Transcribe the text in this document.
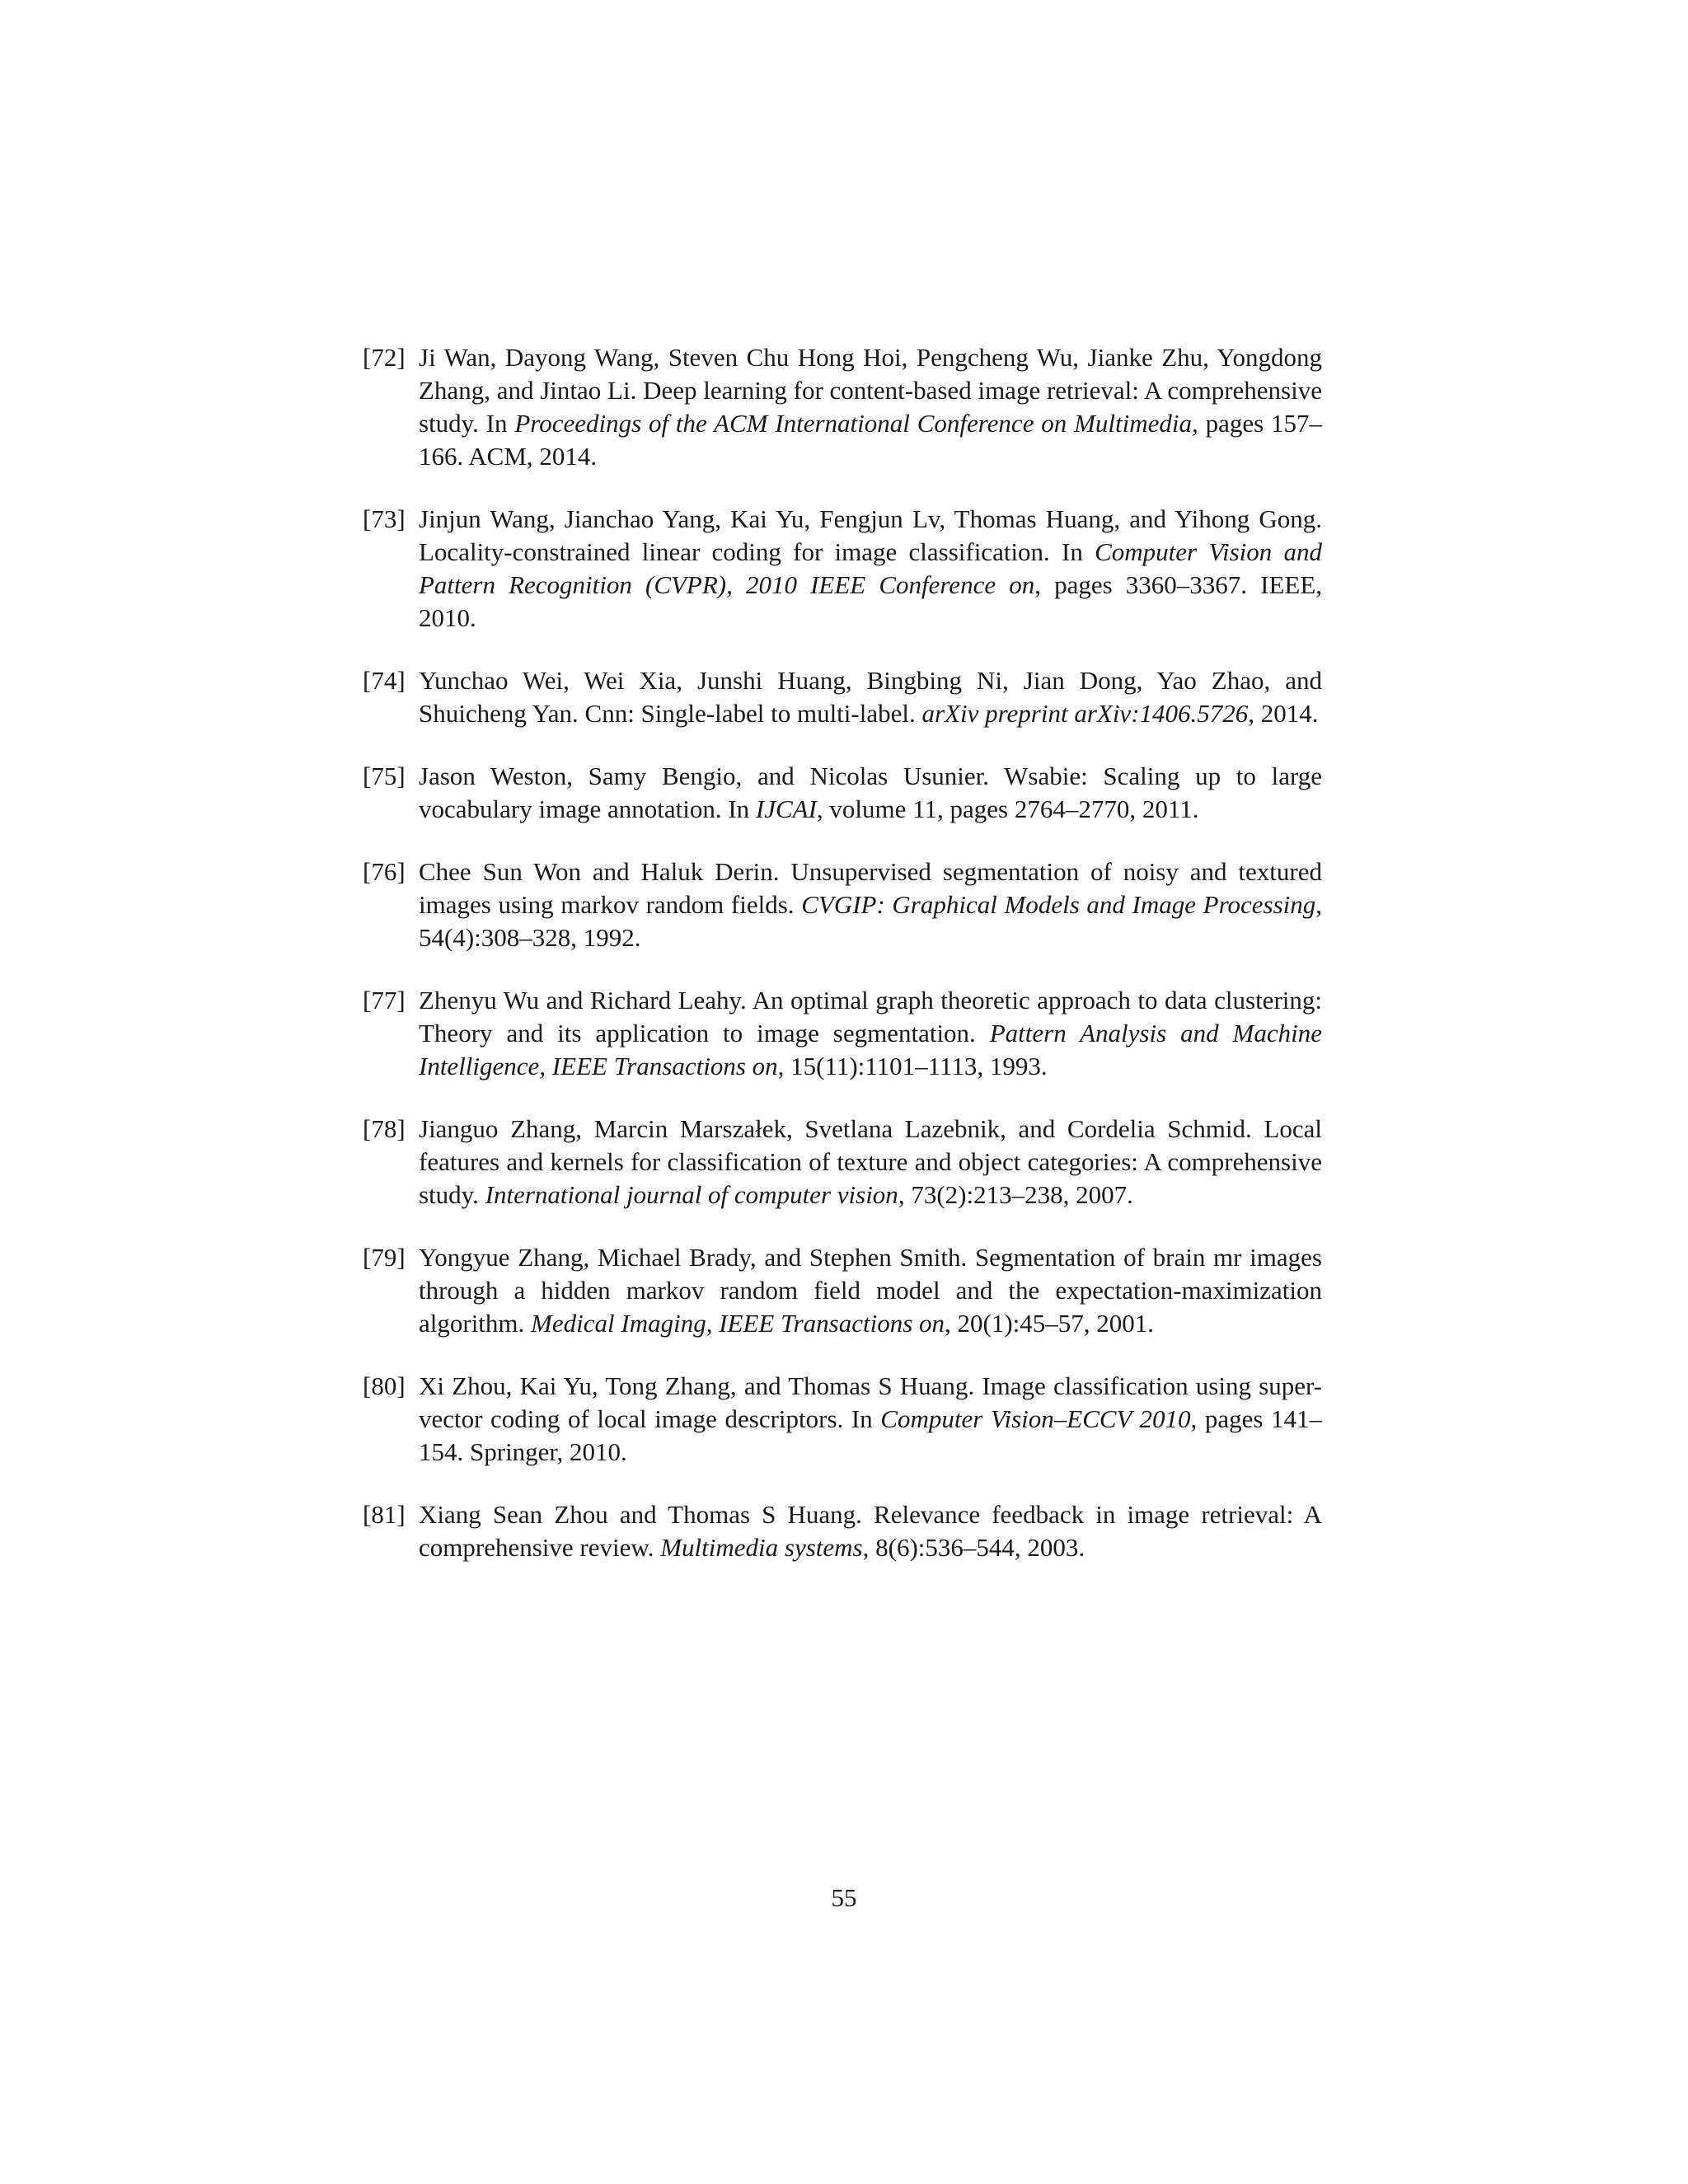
[72] Ji Wan, Dayong Wang, Steven Chu Hong Hoi, Pengcheng Wu, Jianke Zhu, Yongdong Zhang, and Jintao Li. Deep learning for content-based image retrieval: A comprehensive study. In Proceedings of the ACM International Conference on Multimedia, pages 157–166. ACM, 2014.
[73] Jinjun Wang, Jianchao Yang, Kai Yu, Fengjun Lv, Thomas Huang, and Yihong Gong. Locality-constrained linear coding for image classification. In Computer Vision and Pattern Recognition (CVPR), 2010 IEEE Conference on, pages 3360–3367. IEEE, 2010.
[74] Yunchao Wei, Wei Xia, Junshi Huang, Bingbing Ni, Jian Dong, Yao Zhao, and Shuicheng Yan. Cnn: Single-label to multi-label. arXiv preprint arXiv:1406.5726, 2014.
[75] Jason Weston, Samy Bengio, and Nicolas Usunier. Wsabie: Scaling up to large vocabulary image annotation. In IJCAI, volume 11, pages 2764–2770, 2011.
[76] Chee Sun Won and Haluk Derin. Unsupervised segmentation of noisy and textured images using markov random fields. CVGIP: Graphical Models and Image Processing, 54(4):308–328, 1992.
[77] Zhenyu Wu and Richard Leahy. An optimal graph theoretic approach to data clustering: Theory and its application to image segmentation. Pattern Analysis and Machine Intelligence, IEEE Transactions on, 15(11):1101–1113, 1993.
[78] Jianguo Zhang, Marcin Marszałek, Svetlana Lazebnik, and Cordelia Schmid. Local features and kernels for classification of texture and object categories: A comprehensive study. International journal of computer vision, 73(2):213–238, 2007.
[79] Yongyue Zhang, Michael Brady, and Stephen Smith. Segmentation of brain mr images through a hidden markov random field model and the expectation-maximization algorithm. Medical Imaging, IEEE Transactions on, 20(1):45–57, 2001.
[80] Xi Zhou, Kai Yu, Tong Zhang, and Thomas S Huang. Image classification using super-vector coding of local image descriptors. In Computer Vision–ECCV 2010, pages 141–154. Springer, 2010.
[81] Xiang Sean Zhou and Thomas S Huang. Relevance feedback in image retrieval: A comprehensive review. Multimedia systems, 8(6):536–544, 2003.
55
